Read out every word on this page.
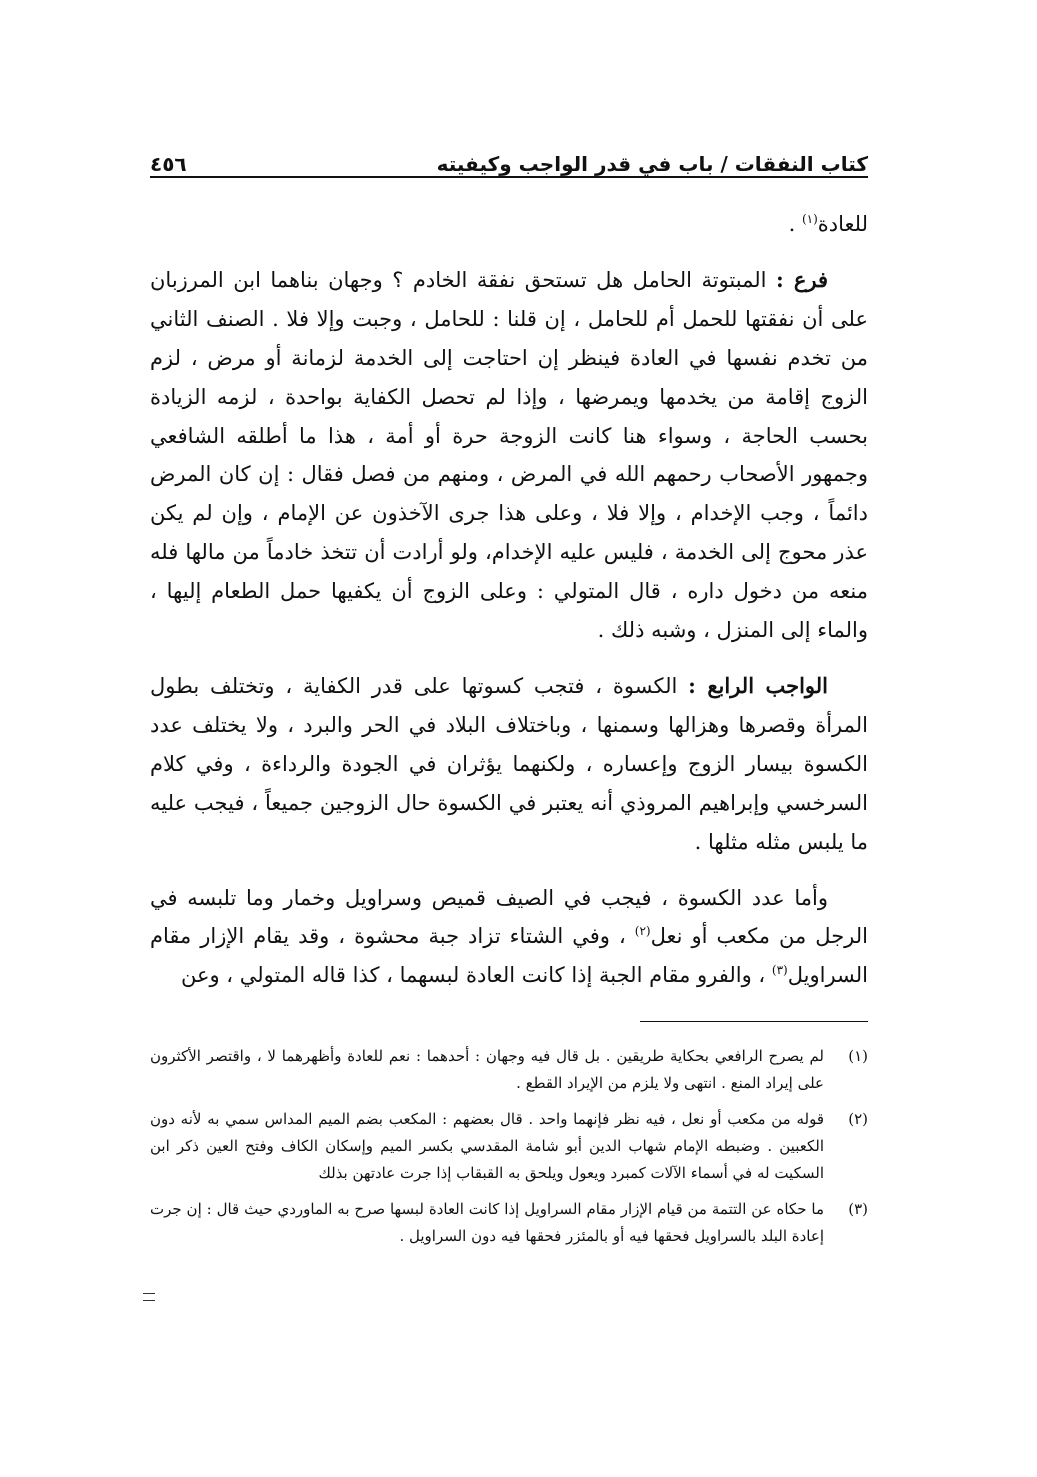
كتاب النفقات / باب في قدر الواجب وكيفيته
٤٥٦

للعادة$^{(١)}$ .

فرع : المبتوتة الحامل هل تستحق نفقة الخادم ؟ وجهان بناهما ابن المرزبان على أن نفقتها للحمل أم للحامل ، إن قلنا : للحامل ، وجبت وإلا فلا . الصنف الثاني من تخدم نفسها في العادة فينظر إن احتاجت إلى الخدمة لزمانة أو مرض ، لزم الزوج إقامة من يخدمها ويمرضها ، وإذا لم تحصل الكفاية بواحدة ، لزمه الزيادة بحسب الحاجة ، وسواء هنا كانت الزوجة حرة أو أمة ، هذا ما أطلقه الشافعي وجمهور الأصحاب رحمهم الله في المرض ، ومنهم من فصل فقال : إن كان المرض دائماً ، وجب الإخدام ، وإلا فلا ، وعلى هذا جرى الآخذون عن الإمام ، وإن لم يكن عذر محوج إلى الخدمة ، فليس عليه الإخدام، ولو أرادت أن تتخذ خادماً من مالها فله منعه من دخول داره ، قال المتولي : وعلى الزوج أن يكفيها حمل الطعام إليها ، والماء إلى المنزل ، وشبه ذلك .

الواجب الرابع : الكسوة ، فتجب كسوتها على قدر الكفاية ، وتختلف بطول المرأة وقصرها وهزالها وسمنها ، وباختلاف البلاد في الحر والبرد ، ولا يختلف عدد الكسوة بيسار الزوج وإعساره ، ولكنهما يؤثران في الجودة والرداءة ، وفي كلام السرخسي وإبراهيم المروذي أنه يعتبر في الكسوة حال الزوجين جميعاً ، فيجب عليه ما يلبس مثله مثلها .

وأما عدد الكسوة ، فيجب في الصيف قميص وسراويل وخمار وما تلبسه في الرجل من مكعب أو نعل$^{(٢)}$ ، وفي الشتاء تزاد جبة محشوة ، وقد يقام الإزار مقام السراويل$^{(٣)}$ ، والفرو مقام الجبة إذا كانت العادة لبسهما ، كذا قاله المتولي ، وعن

(١)
لم يصرح الرافعي بحكاية طريقين . بل قال فيه وجهان : أحدهما : نعم للعادة وأظهرهما لا ، واقتصر الأكثرون على إيراد المنع . انتهى ولا يلزم من الإيراد القطع .
(٢)
قوله من مكعب أو نعل ، فيه نظر فإنهما واحد . قال بعضهم : المكعب بضم الميم المداس سمي به لأنه دون الكعبين . وضبطه الإمام شهاب الدين أبو شامة المقدسي بكسر الميم وإسكان الكاف وفتح العين ذكر ابن السكيت له في أسماء الآلات كمبرد ويعول ويلحق به القبقاب إذا جرت عادتهن بذلك
(٣)
ما حكاه عن التتمة من قيام الإزار مقام السراويل إذا كانت العادة لبسها صرح به الماوردي حيث قال : إن جرت إعادة البلد بالسراويل فحقها فيه أو بالمئزر فحقها فيه دون السراويل .
